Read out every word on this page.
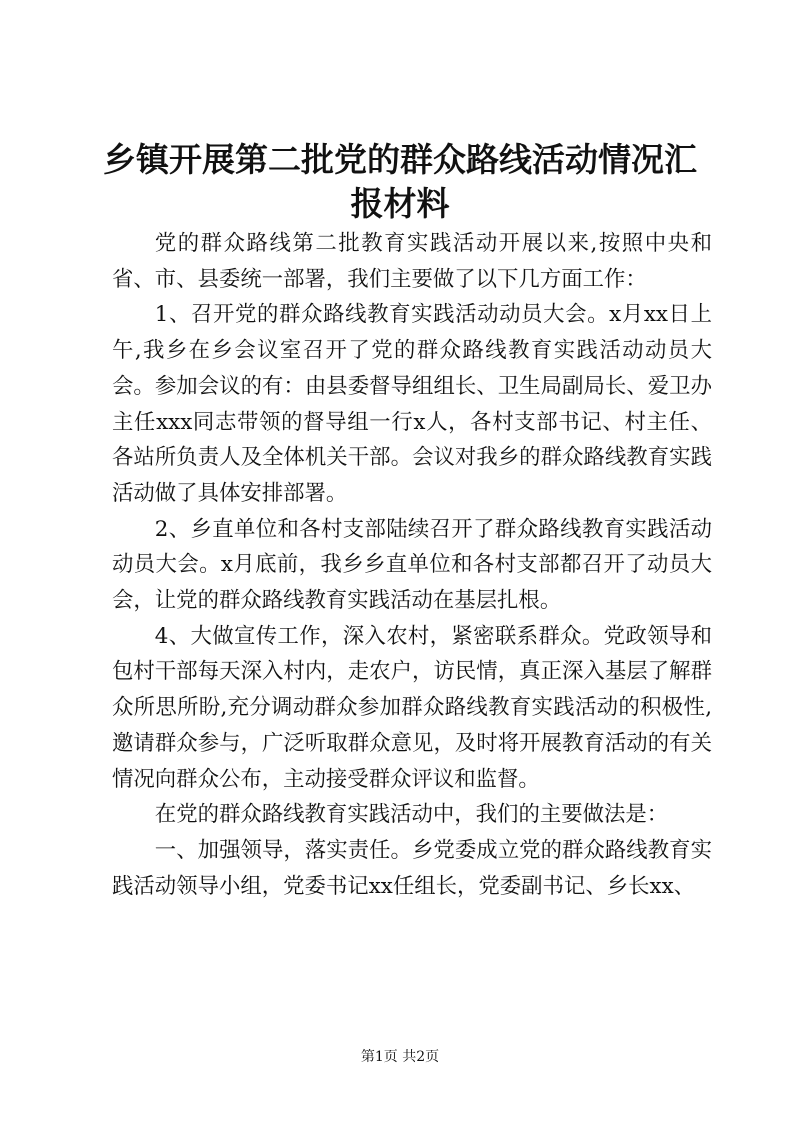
乡镇开展第二批党的群众路线活动情况汇报材料

党的群众路线第二批教育实践活动开展以来,按照中央和省、市、县委统一部署，我们主要做了以下几方面工作：

1、召开党的群众路线教育实践活动动员大会。x月xx日上午,我乡在乡会议室召开了党的群众路线教育实践活动动员大会。参加会议的有：由县委督导组组长、卫生局副局长、爱卫办主任xxx同志带领的督导组一行x人，各村支部书记、村主任、各站所负责人及全体机关干部。会议对我乡的群众路线教育实践活动做了具体安排部署。

2、乡直单位和各村支部陆续召开了群众路线教育实践活动动员大会。x月底前，我乡乡直单位和各村支部都召开了动员大会，让党的群众路线教育实践活动在基层扎根。

4、大做宣传工作，深入农村，紧密联系群众。党政领导和包村干部每天深入村内，走农户，访民情，真正深入基层了解群众所思所盼,充分调动群众参加群众路线教育实践活动的积极性,邀请群众参与，广泛听取群众意见，及时将开展教育活动的有关情况向群众公布，主动接受群众评议和监督。

在党的群众路线教育实践活动中，我们的主要做法是：

一、加强领导，落实责任。乡党委成立党的群众路线教育实践活动领导小组，党委书记xx任组长，党委副书记、乡长xx、

第1页 共2页
